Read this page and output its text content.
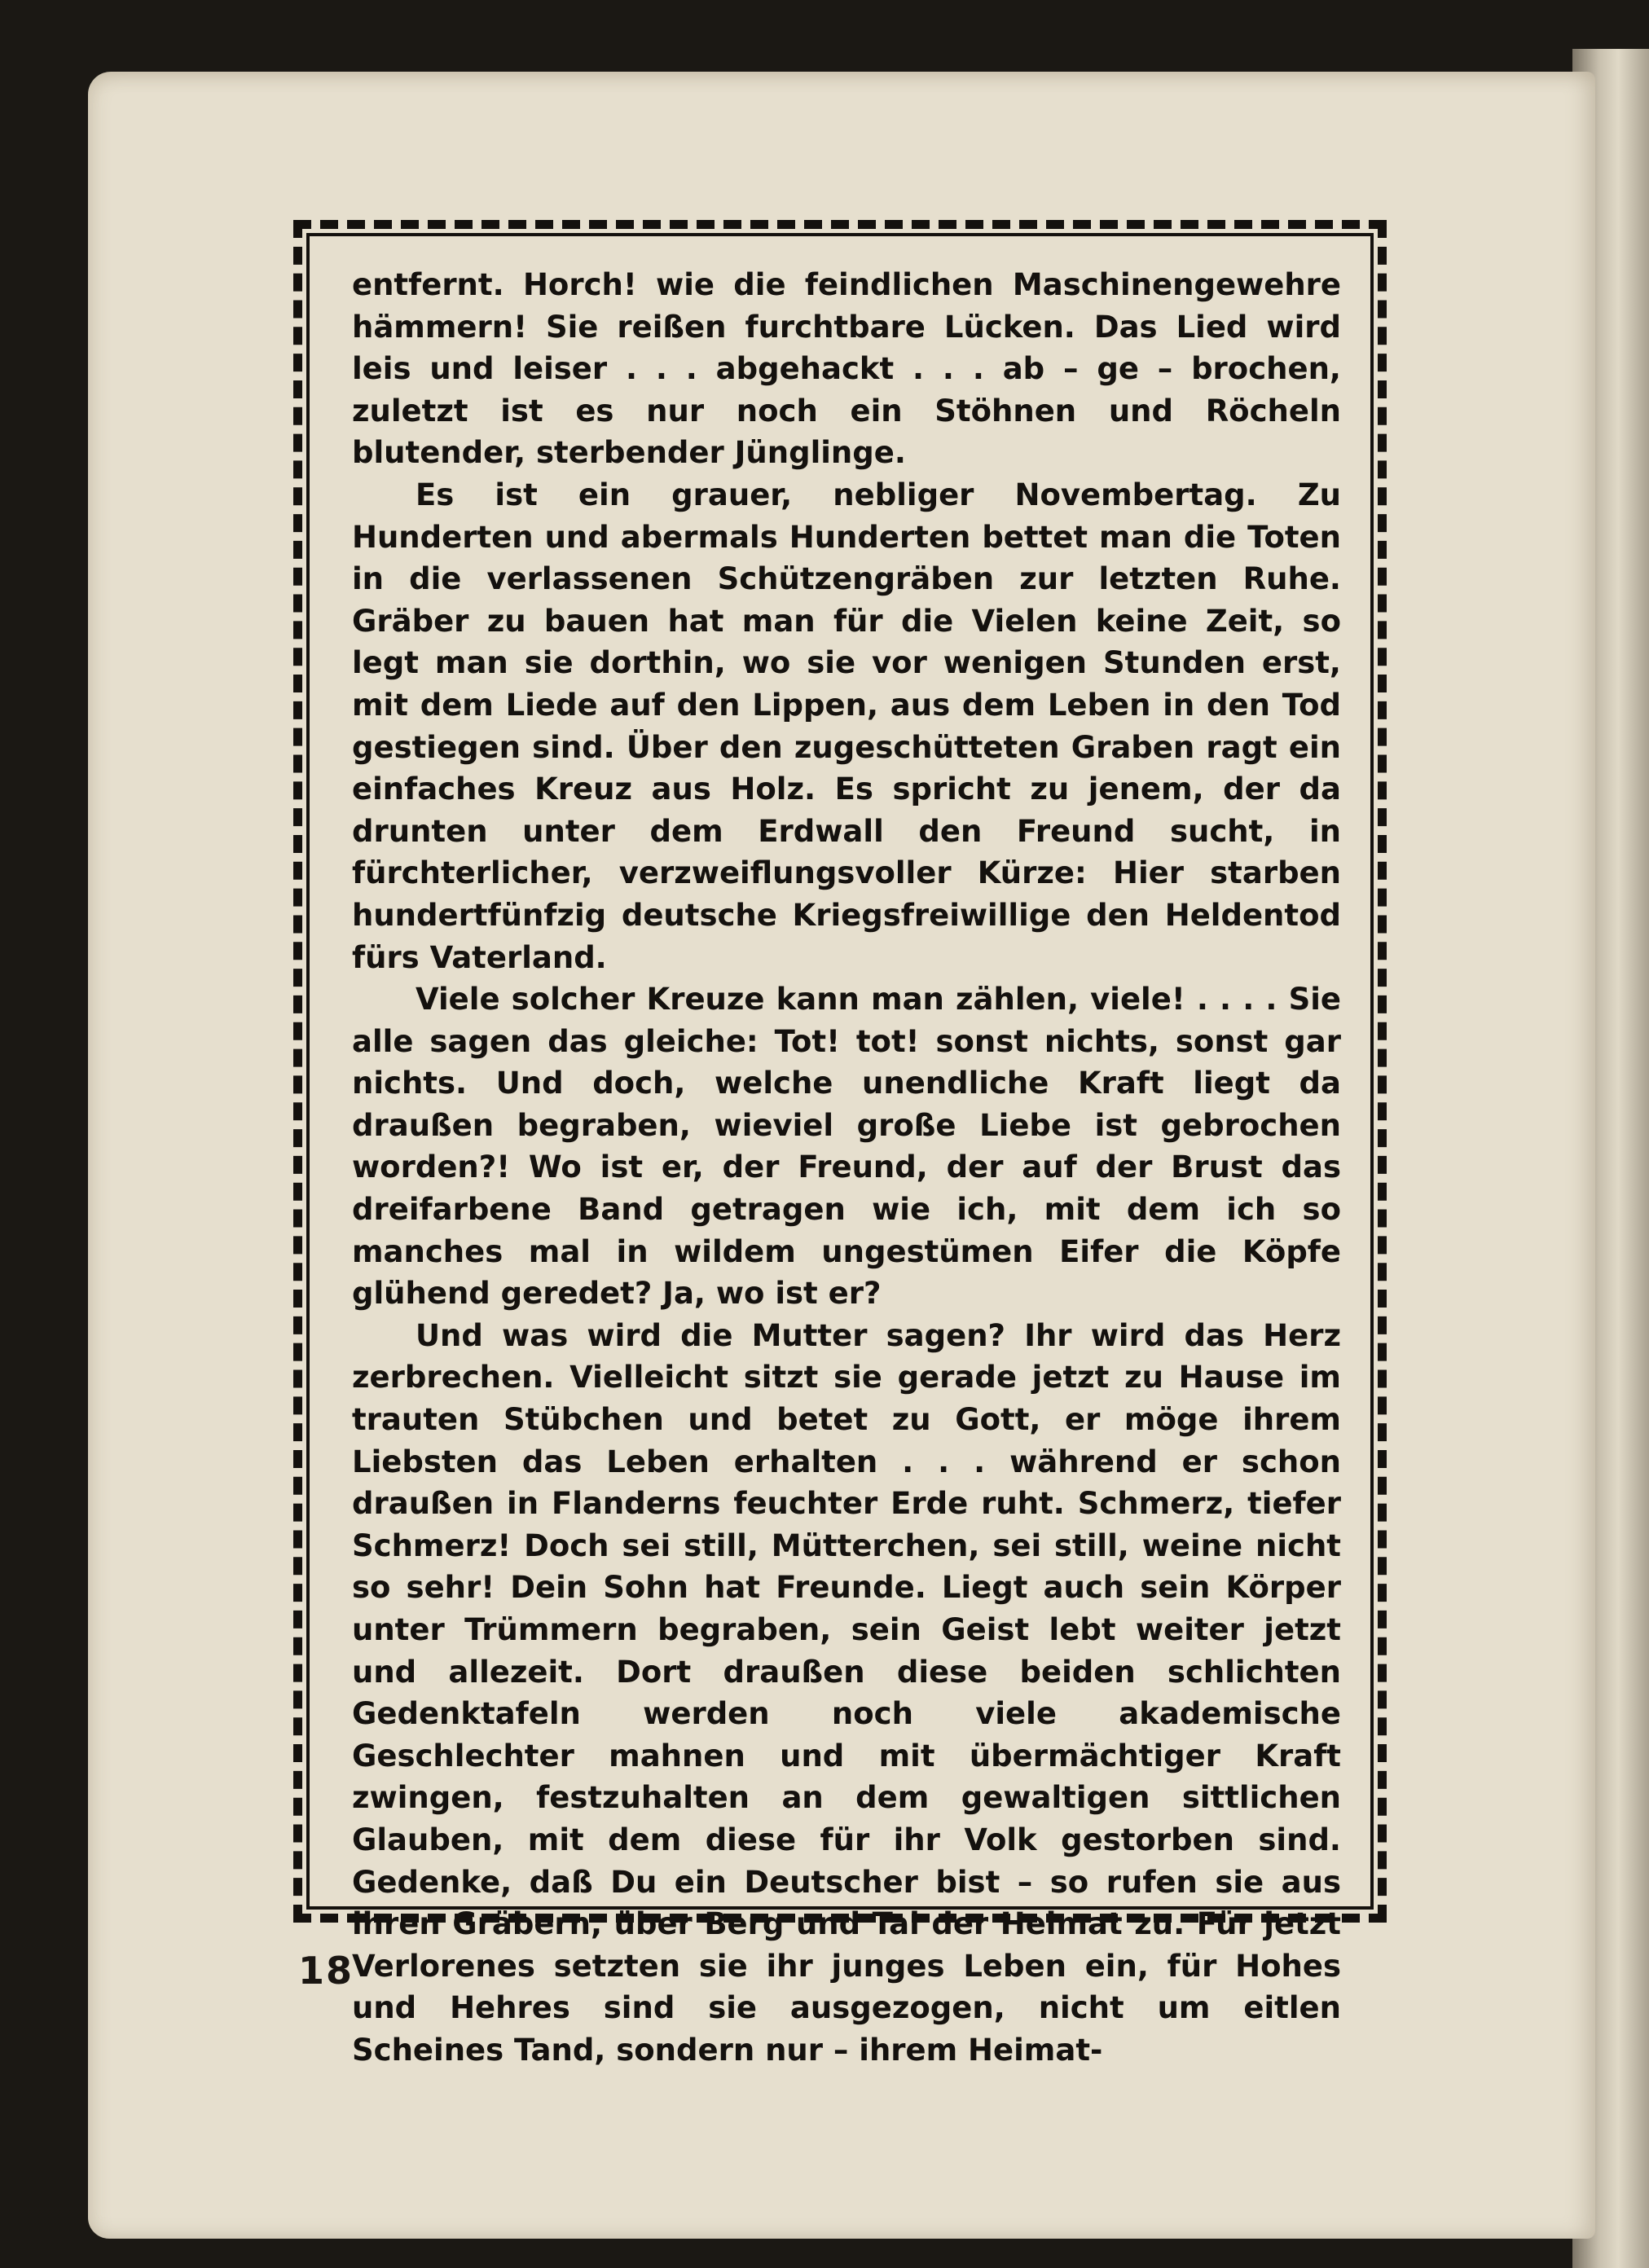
entfernt. Horch! wie die feindlichen Maschinengewehre hämmern! Sie reißen furchtbare Lücken. Das Lied wird leis und leiser . . . abgehackt . . . ab – ge – brochen, zuletzt ist es nur noch ein Stöhnen und Röcheln blutender, sterbender Jünglinge.

Es ist ein grauer, nebliger Novembertag. Zu Hunderten und abermals Hunderten bettet man die Toten in die verlassenen Schützengräben zur letzten Ruhe. Gräber zu bauen hat man für die Vielen keine Zeit, so legt man sie dorthin, wo sie vor wenigen Stunden erst, mit dem Liede auf den Lippen, aus dem Leben in den Tod gestiegen sind. Über den zugeschütteten Graben ragt ein einfaches Kreuz aus Holz. Es spricht zu jenem, der da drunten unter dem Erdwall den Freund sucht, in fürchterlicher, verzweiflungsvoller Kürze: Hier starben hundertfünfzig deutsche Kriegsfreiwillige den Heldentod fürs Vaterland.

Viele solcher Kreuze kann man zählen, viele! . . . . Sie alle sagen das gleiche: Tot! tot! sonst nichts, sonst gar nichts. Und doch, welche unendliche Kraft liegt da draußen begraben, wieviel große Liebe ist gebrochen worden?! Wo ist er, der Freund, der auf der Brust das dreifarbene Band getragen wie ich, mit dem ich so manches mal in wildem ungestümen Eifer die Köpfe glühend geredet? Ja, wo ist er?

Und was wird die Mutter sagen? Ihr wird das Herz zerbrechen. Vielleicht sitzt sie gerade jetzt zu Hause im trauten Stübchen und betet zu Gott, er möge ihrem Liebsten das Leben erhalten . . . während er schon draußen in Flanderns feuchter Erde ruht. Schmerz, tiefer Schmerz! Doch sei still, Mütterchen, sei still, weine nicht so sehr! Dein Sohn hat Freunde. Liegt auch sein Körper unter Trümmern begraben, sein Geist lebt weiter jetzt und allezeit. Dort draußen diese beiden schlichten Gedenktafeln werden noch viele akademische Geschlechter mahnen und mit übermächtiger Kraft zwingen, festzuhalten an dem gewaltigen sittlichen Glauben, mit dem diese für ihr Volk gestorben sind. Gedenke, daß Du ein Deutscher bist – so rufen sie aus ihren Gräbern, über Berg und Tal der Heimat zu. Für jetzt Verlorenes setzten sie ihr junges Leben ein, für Hohes und Hehres sind sie ausgezogen, nicht um eitlen Scheines Tand, sondern nur – ihrem Heimat-

18
